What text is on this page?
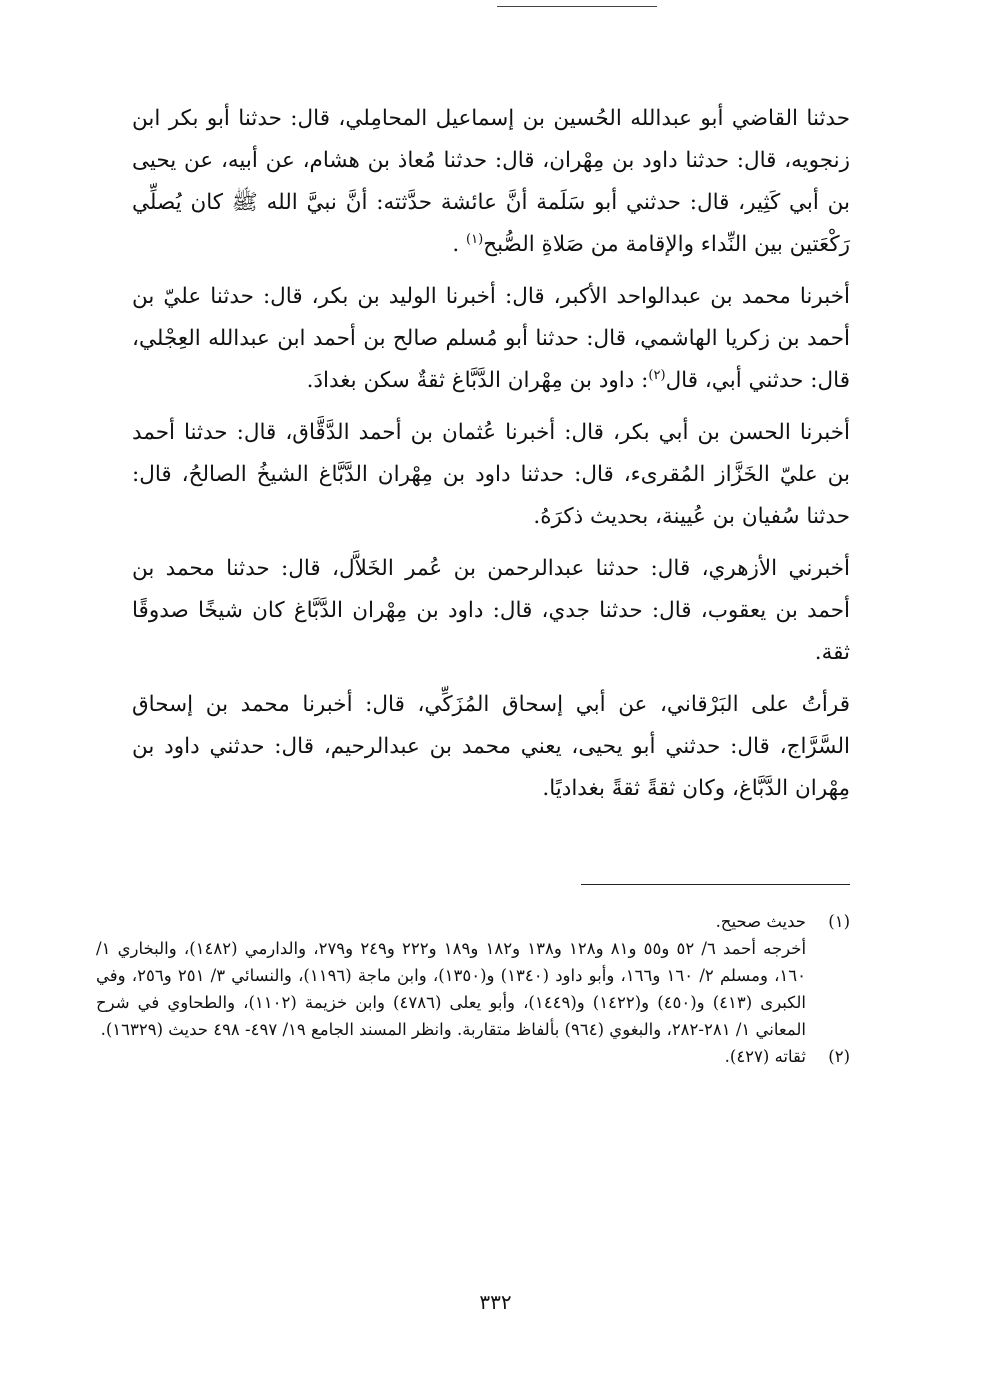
حدثنا القاضي أبو عبدالله الحُسين بن إسماعيل المحامِلي، قال: حدثنا أبو بكر ابن زنجويه، قال: حدثنا داود بن مِهْران، قال: حدثنا مُعاذ بن هشام، عن أبيه، عن يحيى بن أبي كَثِير، قال: حدثني أبو سَلَمة أنَّ عائشة حدَّثته: أنَّ نبيَّ الله ﷺ كان يُصلِّي رَكْعَتين بين النِّداء والإقامة من صَلاةِ الصُّبح$^{(١)}$ .

أخبرنا محمد بن عبدالواحد الأكبر، قال: أخبرنا الوليد بن بكر، قال: حدثنا عليّ بن أحمد بن زكريا الهاشمي، قال: حدثنا أبو مُسلم صالح بن أحمد ابن عبدالله العِجْلي، قال: حدثني أبي، قال$^{(٢)}$: داود بن مِهْران الدَّبَّاغ ثقةٌ سكن بغدادَ.

أخبرنا الحسن بن أبي بكر، قال: أخبرنا عُثمان بن أحمد الدَّقَّاق، قال: حدثنا أحمد بن عليّ الخَزَّاز المُقرىء، قال: حدثنا داود بن مِهْران الدَّبَّاغ الشيخُ الصالحُ، قال: حدثنا سُفيان بن عُيينة، بحديث ذكرَهُ.

أخبرني الأزهري، قال: حدثنا عبدالرحمن بن عُمر الخَلاَّل، قال: حدثنا محمد بن أحمد بن يعقوب، قال: حدثنا جدي، قال: داود بن مِهْران الدَّبَّاغ كان شيخًا صدوقًا ثقة.

قرأتُ على البَرْقاني، عن أبي إسحاق المُزَكِّي، قال: أخبرنا محمد بن إسحاق السَّرَّاج، قال: حدثني أبو يحيى، يعني محمد بن عبدالرحيم، قال: حدثني داود بن مِهْران الدَّبَّاغ، وكان ثقةً ثقةً بغداديًا.

(١)حديث صحيح.

أخرجه أحمد ٦/ ٥٢ و٥٥ و٨١ و١٢٨ و١٣٨ و١٨٢ و١٨٩ و٢٢٢ و٢٤٩ و٢٧٩، والدارمي (١٤٨٢)، والبخاري ١/ ١٦٠، ومسلم ٢/ ١٦٠ و١٦٦، وأبو داود (١٣٤٠) و(١٣٥٠)، وابن ماجة (١١٩٦)، والنسائي ٣/ ٢٥١ و٢٥٦، وفي الكبرى (٤١٣) و(٤٥٠) و(١٤٢٢) و(١٤٤٩)، وأبو يعلى (٤٧٨٦) وابن خزيمة (١١٠٢)، والطحاوي في شرح المعاني ١/ ٢٨١-٢٨٢، والبغوي (٩٦٤) بألفاظ متقاربة. وانظر المسند الجامع ١٩/ ٤٩٧- ٤٩٨ حديث (١٦٣٢٩).

(٢)ثقاته (٤٢٧).
٣٣٢
